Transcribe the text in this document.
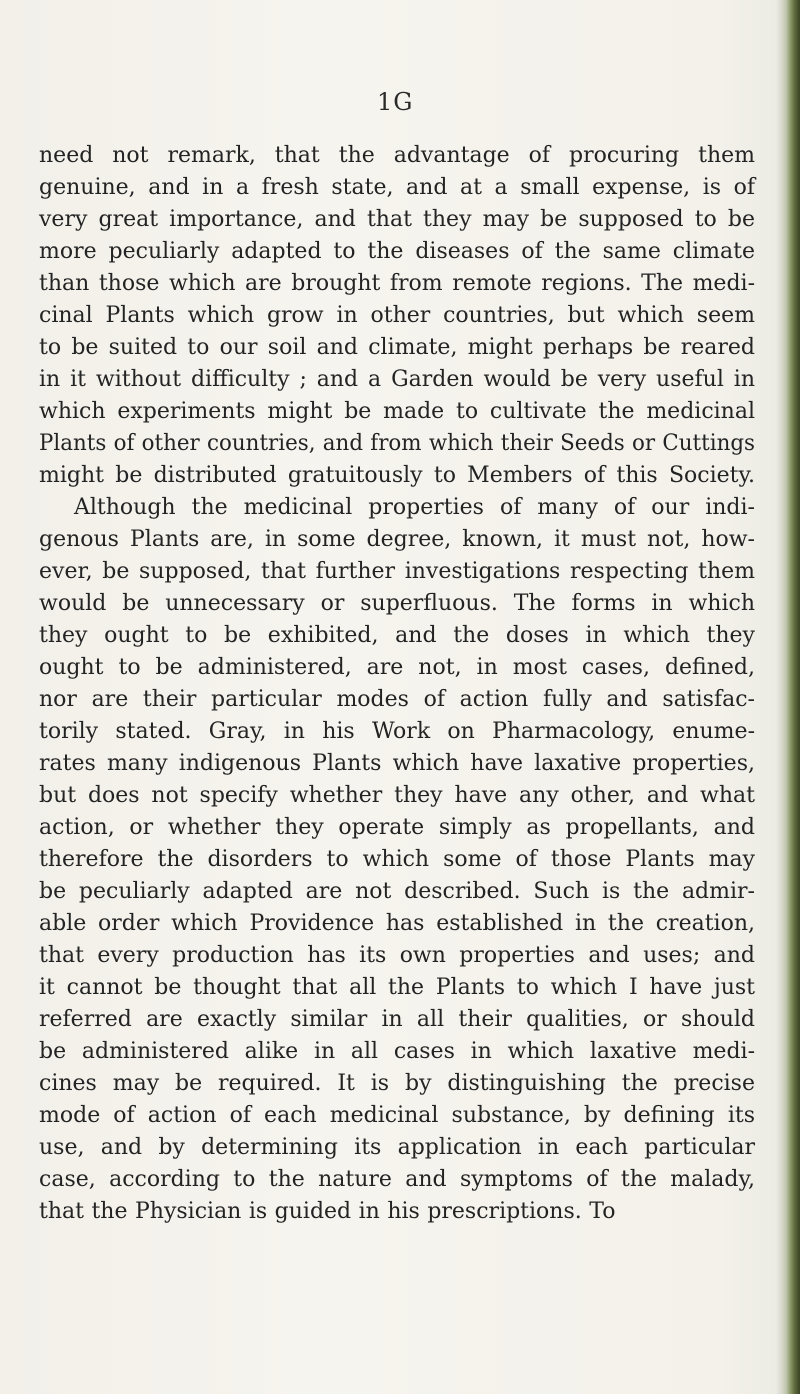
1G
need not remark, that the advantage of procuring them
genuine, and in a fresh state, and at a small expense, is of
very great importance, and that they may be supposed to be
more peculiarly adapted to the diseases of the same climate
than those which are brought from remote regions. The medi-
cinal Plants which grow in other countries, but which seem
to be suited to our soil and climate, might perhaps be reared
in it without difficulty ; and a Garden would be very useful in
which experiments might be made to cultivate the medicinal
Plants of other countries, and from which their Seeds or Cuttings
might be distributed gratuitously to Members of this Society.
Although the medicinal properties of many of our indi-
genous Plants are, in some degree, known, it must not, how-
ever, be supposed, that further investigations respecting them
would be unnecessary or superfluous. The forms in which
they ought to be exhibited, and the doses in which they
ought to be administered, are not, in most cases, defined,
nor are their particular modes of action fully and satisfac-
torily stated. Gray, in his Work on Pharmacology, enume-
rates many indigenous Plants which have laxative properties,
but does not specify whether they have any other, and what
action, or whether they operate simply as propellants, and
therefore the disorders to which some of those Plants may
be peculiarly adapted are not described. Such is the admir-
able order which Providence has established in the creation,
that every production has its own properties and uses; and
it cannot be thought that all the Plants to which I have just
referred are exactly similar in all their qualities, or should
be administered alike in all cases in which laxative medi-
cines may be required. It is by distinguishing the precise
mode of action of each medicinal substance, by defining its
use, and by determining its application in each particular
case, according to the nature and symptoms of the malady,
that the Physician is guided in his prescriptions. To
